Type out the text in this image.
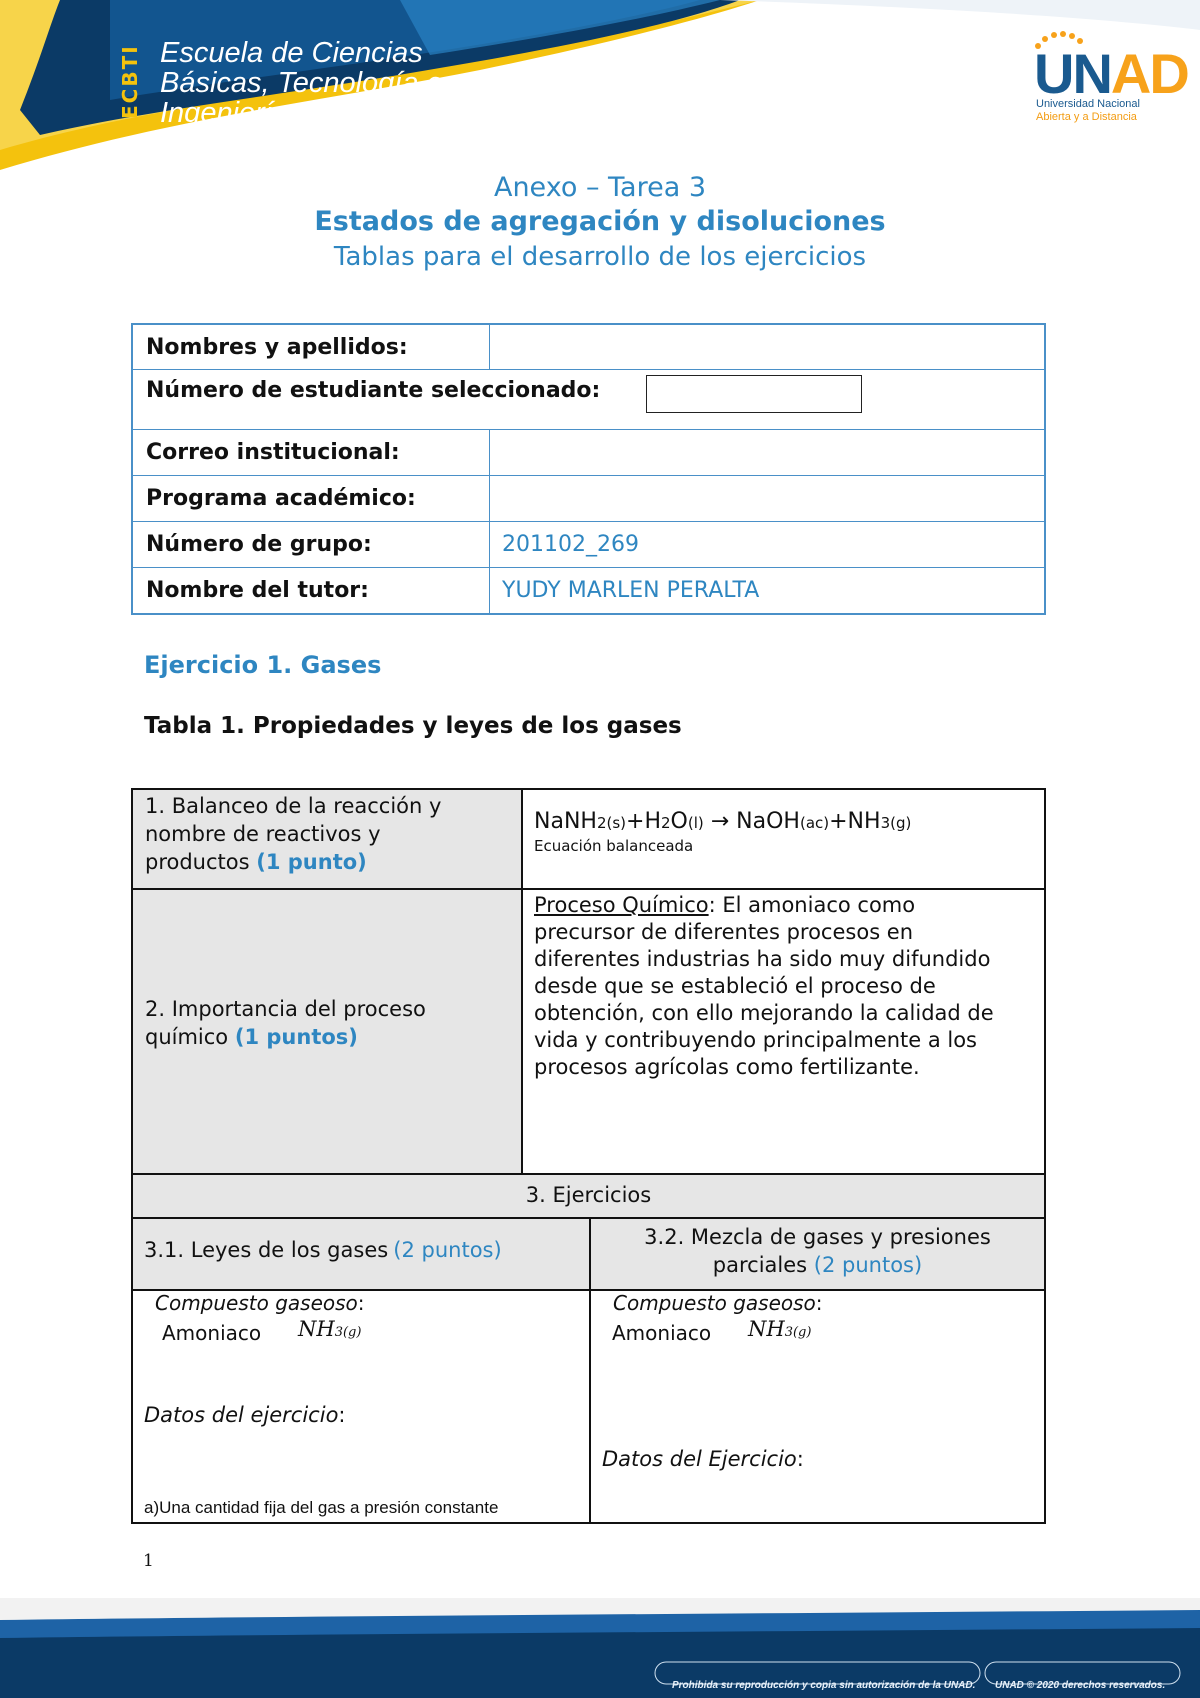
ECBTI Escuela de Ciencias
Básicas, Tecnología e
Ingeniería
UNAD
Universidad Nacional
Abierta y a Distancia
Anexo – Tarea 3
Estados de agregación y disoluciones
Tablas para el desarrollo de los ejercicios
Nombres y apellidos:
Número de estudiante seleccionado:
Correo institucional:
Programa académico:
Número de grupo:	201102_269
Nombre del tutor:	YUDY MARLEN PERALTA
Ejercicio 1. Gases
Tabla 1. Propiedades y leyes de los gases
1. Balanceo de la reacción y
nombre de reactivos y
productos (1 punto)
NaNH2(s)+H2O(l) → NaOH(ac)+NH3(g)
Ecuación balanceada
2. Importancia del proceso
químico (1 puntos)
Proceso Químico: El amoniaco como
precursor de diferentes procesos en
diferentes industrias ha sido muy difundido
desde que se estableció el proceso de
obtención, con ello mejorando la calidad de
vida y contribuyendo principalmente a los
procesos agrícolas como fertilizante.
3. Ejercicios
3.1. Leyes de los gases (2 puntos)
3.2. Mezcla de gases y presiones
parciales (2 puntos)
Compuesto gaseoso:
Amoniaco NH3(g)
Datos del ejercicio:
a)Una cantidad fija del gas a presión constante
Compuesto gaseoso:
Amoniaco NH3(g)
Datos del Ejercicio:
1
Prohibida su reproducción y copia sin autorización de la UNAD. UNAD © 2020 derechos reservados.
